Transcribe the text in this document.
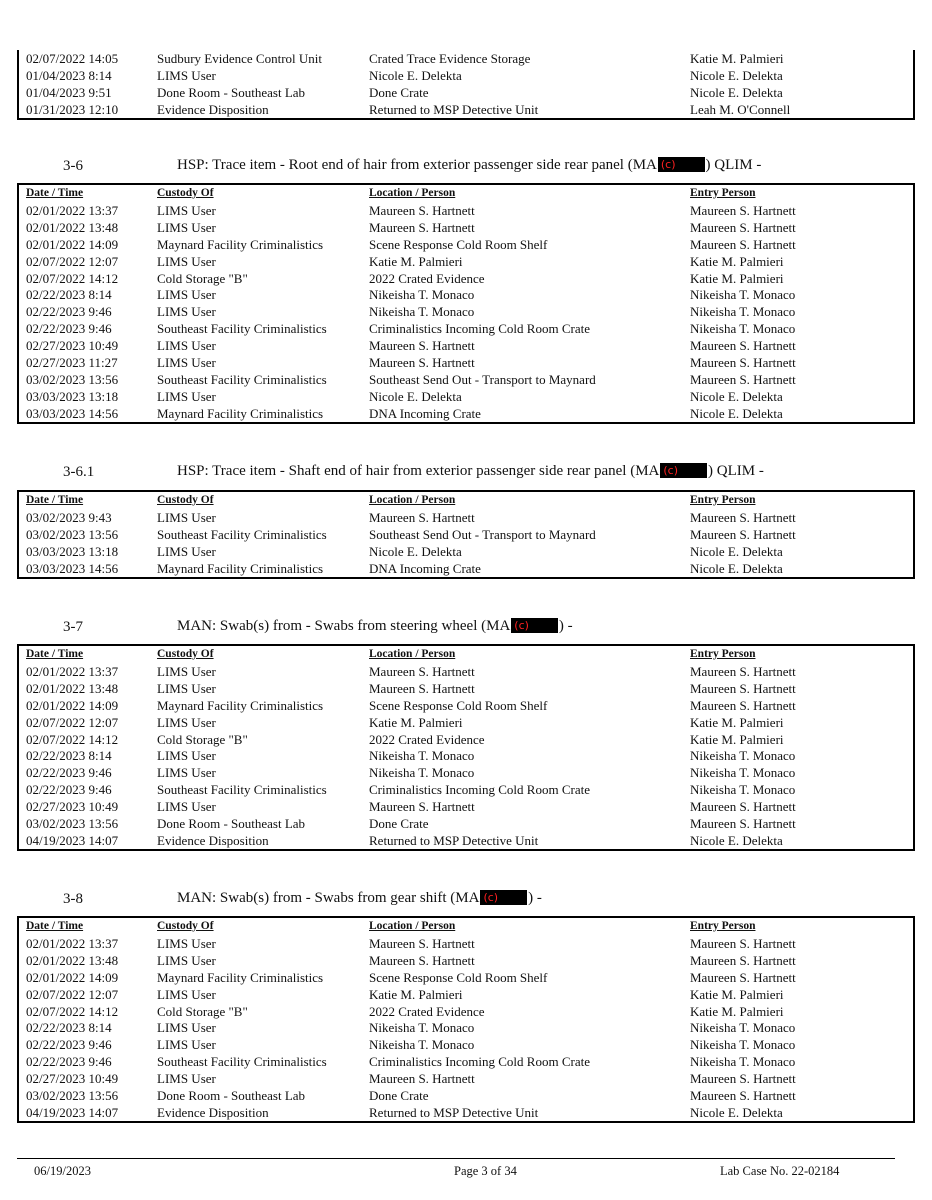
02/07/2022 14:05	Sudbury Evidence Control Unit	Crated Trace Evidence Storage	Katie M. Palmieri
01/04/2023 8:14	LIMS User	Nicole E. Delekta	Nicole E. Delekta
01/04/2023 9:51	Done Room - Southeast Lab	Done Crate	Nicole E. Delekta
01/31/2023 12:10	Evidence Disposition	Returned to MSP Detective Unit	Leah M. O'Connell
3-6	HSP: Trace item - Root end of hair from exterior passenger side rear panel (MA (c) ) QLIM -
Date / Time	Custody Of	Location / Person	Entry Person
02/01/2022 13:37	LIMS User	Maureen S. Hartnett	Maureen S. Hartnett
02/01/2022 13:48	LIMS User	Maureen S. Hartnett	Maureen S. Hartnett
02/01/2022 14:09	Maynard Facility Criminalistics	Scene Response Cold Room Shelf	Maureen S. Hartnett
02/07/2022 12:07	LIMS User	Katie M. Palmieri	Katie M. Palmieri
02/07/2022 14:12	Cold Storage "B"	2022 Crated Evidence	Katie M. Palmieri
02/22/2023 8:14	LIMS User	Nikeisha T. Monaco	Nikeisha T. Monaco
02/22/2023 9:46	LIMS User	Nikeisha T. Monaco	Nikeisha T. Monaco
02/22/2023 9:46	Southeast Facility Criminalistics	Criminalistics Incoming Cold Room Crate	Nikeisha T. Monaco
02/27/2023 10:49	LIMS User	Maureen S. Hartnett	Maureen S. Hartnett
02/27/2023 11:27	LIMS User	Maureen S. Hartnett	Maureen S. Hartnett
03/02/2023 13:56	Southeast Facility Criminalistics	Southeast Send Out - Transport to Maynard	Maureen S. Hartnett
03/03/2023 13:18	LIMS User	Nicole E. Delekta	Nicole E. Delekta
03/03/2023 14:56	Maynard Facility Criminalistics	DNA Incoming Crate	Nicole E. Delekta
3-6.1	HSP: Trace item - Shaft end of hair from exterior passenger side rear panel (MA (c) ) QLIM -
Date / Time	Custody Of	Location / Person	Entry Person
03/02/2023 9:43	LIMS User	Maureen S. Hartnett	Maureen S. Hartnett
03/02/2023 13:56	Southeast Facility Criminalistics	Southeast Send Out - Transport to Maynard	Maureen S. Hartnett
03/03/2023 13:18	LIMS User	Nicole E. Delekta	Nicole E. Delekta
03/03/2023 14:56	Maynard Facility Criminalistics	DNA Incoming Crate	Nicole E. Delekta
3-7	MAN: Swab(s) from - Swabs from steering wheel (MA (c) ) -
Date / Time	Custody Of	Location / Person	Entry Person
02/01/2022 13:37	LIMS User	Maureen S. Hartnett	Maureen S. Hartnett
02/01/2022 13:48	LIMS User	Maureen S. Hartnett	Maureen S. Hartnett
02/01/2022 14:09	Maynard Facility Criminalistics	Scene Response Cold Room Shelf	Maureen S. Hartnett
02/07/2022 12:07	LIMS User	Katie M. Palmieri	Katie M. Palmieri
02/07/2022 14:12	Cold Storage "B"	2022 Crated Evidence	Katie M. Palmieri
02/22/2023 8:14	LIMS User	Nikeisha T. Monaco	Nikeisha T. Monaco
02/22/2023 9:46	LIMS User	Nikeisha T. Monaco	Nikeisha T. Monaco
02/22/2023 9:46	Southeast Facility Criminalistics	Criminalistics Incoming Cold Room Crate	Nikeisha T. Monaco
02/27/2023 10:49	LIMS User	Maureen S. Hartnett	Maureen S. Hartnett
03/02/2023 13:56	Done Room - Southeast Lab	Done Crate	Maureen S. Hartnett
04/19/2023 14:07	Evidence Disposition	Returned to MSP Detective Unit	Nicole E. Delekta
3-8	MAN: Swab(s) from - Swabs from gear shift (MA (c) ) -
Date / Time	Custody Of	Location / Person	Entry Person
02/01/2022 13:37	LIMS User	Maureen S. Hartnett	Maureen S. Hartnett
02/01/2022 13:48	LIMS User	Maureen S. Hartnett	Maureen S. Hartnett
02/01/2022 14:09	Maynard Facility Criminalistics	Scene Response Cold Room Shelf	Maureen S. Hartnett
02/07/2022 12:07	LIMS User	Katie M. Palmieri	Katie M. Palmieri
02/07/2022 14:12	Cold Storage "B"	2022 Crated Evidence	Katie M. Palmieri
02/22/2023 8:14	LIMS User	Nikeisha T. Monaco	Nikeisha T. Monaco
02/22/2023 9:46	LIMS User	Nikeisha T. Monaco	Nikeisha T. Monaco
02/22/2023 9:46	Southeast Facility Criminalistics	Criminalistics Incoming Cold Room Crate	Nikeisha T. Monaco
02/27/2023 10:49	LIMS User	Maureen S. Hartnett	Maureen S. Hartnett
03/02/2023 13:56	Done Room - Southeast Lab	Done Crate	Maureen S. Hartnett
04/19/2023 14:07	Evidence Disposition	Returned to MSP Detective Unit	Nicole E. Delekta
06/19/2023	Page 3 of 34	Lab Case No. 22-02184
